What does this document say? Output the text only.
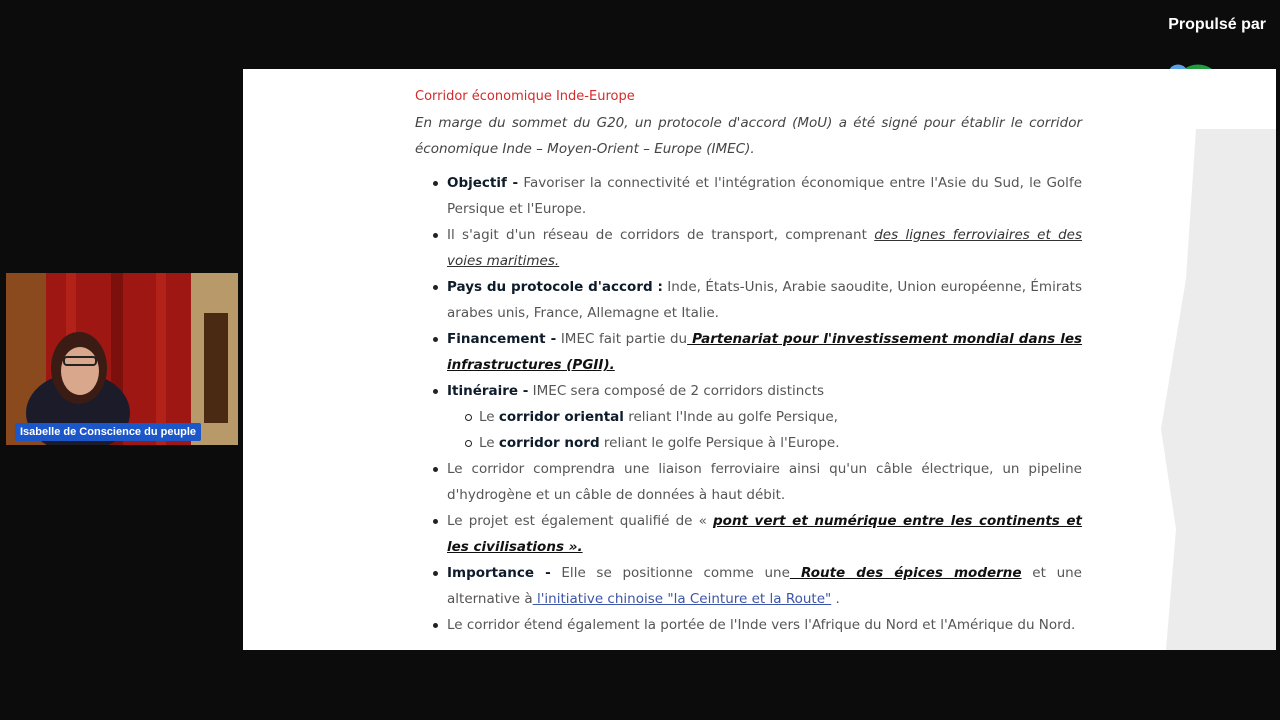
Propulsé par
Isabelle de Conscience du peuple
Corridor économique Inde-Europe

En marge du sommet du G20, un protocole d'accord (MoU) a été signé pour établir le corridor économique Inde – Moyen-Orient – Europe (IMEC).

Objectif - Favoriser la connectivité et l'intégration économique entre l'Asie du Sud, le Golfe Persique et l'Europe.
Il s'agit d'un réseau de corridors de transport, comprenant des lignes ferroviaires et des voies maritimes.
Pays du protocole d'accord : Inde, États-Unis, Arabie saoudite, Union européenne, Émirats arabes unis, France, Allemagne et Italie.
Financement - IMEC fait partie du Partenariat pour l'investissement mondial dans les infrastructures (PGII).
Itinéraire - IMEC sera composé de 2 corridors distincts
Le corridor oriental reliant l'Inde au golfe Persique,
Le corridor nord reliant le golfe Persique à l'Europe.
Le corridor comprendra une liaison ferroviaire ainsi qu'un câble électrique, un pipeline d'hydrogène et un câble de données à haut débit.
Le projet est également qualifié de « pont vert et numérique entre les continents et les civilisations ».
Importance - Elle se positionne comme une Route des épices moderne et une alternative à l'initiative chinoise "la Ceinture et la Route" .
Le corridor étend également la portée de l'Inde vers l'Afrique du Nord et l'Amérique du Nord.
